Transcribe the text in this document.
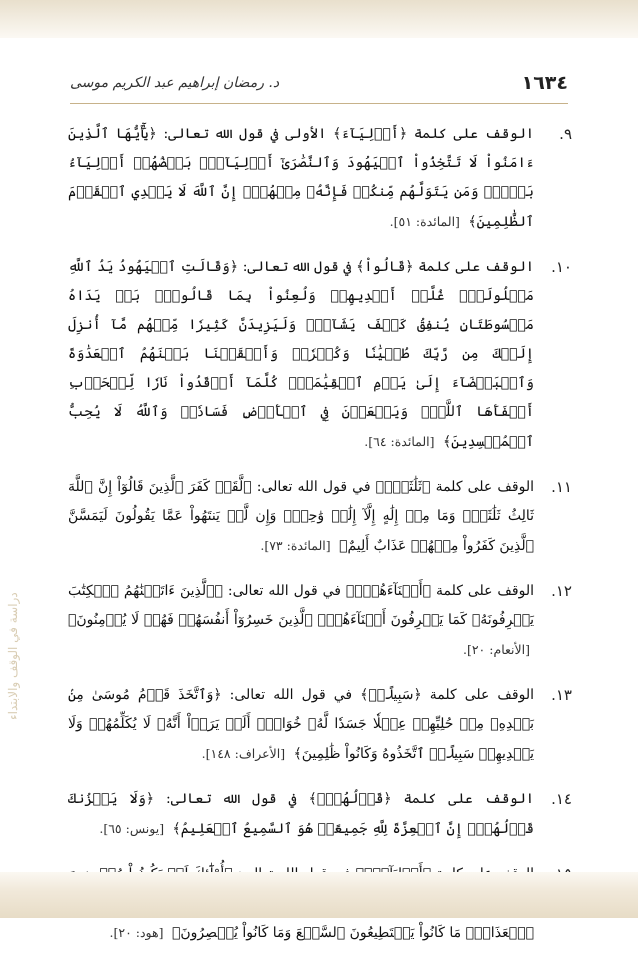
١٦٣٤
د. رمضان إبراهيم عبد الكريم موسى
دراسة في الوقف والابتداء
٩.
الوقف على كلمة ﴿أَوۡلِيَآءَ﴾ الأولى في قول الله تعالى: ﴿يَٰٓأَيُّهَا ٱلَّذِينَ ءَامَنُواْ لَا تَتَّخِذُواْ ٱلۡيَهُودَ وَٱلنَّصَٰرَىٰٓ أَوۡلِيَآءَۘ بَعۡضُهُمۡ أَوۡلِيَآءُ بَعۡضٖۚ وَمَن يَتَوَلَّهُم مِّنكُمۡ فَإِنَّهُۥ مِنۡهُمۡۗ إِنَّ ٱللَّهَ لَا يَهۡدِي ٱلۡقَوۡمَ ٱلظَّٰلِمِينَ﴾ [المائدة: ٥١].
١٠.
الوقف على كلمة ﴿قَالُواْ﴾ في قول الله تعالى: ﴿وَقَالَتِ ٱلۡيَهُودُ يَدُ ٱللَّهِ مَغۡلُولَةٌۚ غُلَّتۡ أَيۡدِيهِمۡ وَلُعِنُواْ بِمَا قَالُواْۘ بَلۡ يَدَاهُ مَبۡسُوطَتَانِ يُنفِقُ كَيۡفَ يَشَآءُۚ وَلَيَزِيدَنَّ كَثِيرٗا مِّنۡهُم مَّآ أُنزِلَ إِلَيۡكَ مِن رَّبِّكَ طُغۡيَٰنٗا وَكُفۡرٗاۚ وَأَلۡقَيۡنَا بَيۡنَهُمُ ٱلۡعَدَٰوَةَ وَٱلۡبَغۡضَآءَ إِلَىٰ يَوۡمِ ٱلۡقِيَٰمَةِۚ كُلَّمَآ أَوۡقَدُواْ نَارٗا لِّلۡحَرۡبِ أَطۡفَأَهَا ٱللَّهُۚ وَيَسۡعَوۡنَ فِي ٱلۡأَرۡضِ فَسَادٗاۚ وَٱللَّهُ لَا يُحِبُّ ٱلۡمُفۡسِدِينَ﴾ [المائدة: ٦٤].
١١.
الوقف على كلمة ﴿ثَلَٰثَةٖۘ﴾ في قول الله تعالى: ﴿لَّقَدۡ كَفَرَ ٱلَّذِينَ قَالُوٓاْ إِنَّ ٱللَّهَ ثَالِثُ ثَلَٰثَةٖۘ وَمَا مِنۡ إِلَٰهٍ إِلَّآ إِلَٰهٞ وَٰحِدٞۚ وَإِن لَّمۡ يَنتَهُواْ عَمَّا يَقُولُونَ لَيَمَسَّنَّ ٱلَّذِينَ كَفَرُواْ مِنۡهُمۡ عَذَابٌ أَلِيمٌ﴾ [المائدة: ٧٣].
١٢.
الوقف على كلمة ﴿أَبۡنَآءَهُمُۘ﴾ في قول الله تعالى: ﴿ٱلَّذِينَ ءَاتَيۡنَٰهُمُ ٱلۡكِتَٰبَ يَعۡرِفُونَهُۥ كَمَا يَعۡرِفُونَ أَبۡنَآءَهُمُۘ ٱلَّذِينَ خَسِرُوٓاْ أَنفُسَهُمۡ فَهُمۡ لَا يُؤۡمِنُونَ﴾ [الأنعام: ٢٠].
١٣.
الوقف على كلمة ﴿سَبِيلًاۘ﴾ في قول الله تعالى: ﴿وَٱتَّخَذَ قَوۡمُ مُوسَىٰ مِنۢ بَعۡدِهِۦ مِنۡ حُلِيِّهِمۡ عِجۡلٗا جَسَدٗا لَّهُۥ خُوَارٌۚ أَلَمۡ يَرَوۡاْ أَنَّهُۥ لَا يُكَلِّمُهُمۡ وَلَا يَهۡدِيهِمۡ سَبِيلًاۘ ٱتَّخَذُوهُ وَكَانُواْ ظَٰلِمِينَ﴾ [الأعراف: ١٤٨].
١٤.
الوقف على كلمة ﴿قَوۡلُهُمۡۘ﴾ في قول الله تعالى: ﴿وَلَا يَحۡزُنكَ قَوۡلُهُمۡۘ إِنَّ ٱلۡعِزَّةَ لِلَّهِ جَمِيعًاۚ هُوَ ٱلسَّمِيعُ ٱلۡعَلِيمُ﴾ [يونس: ٦٥].
ٱلۡعَذَابُۚ مَا كَانُواْ يَسۡتَطِيعُونَ ٱلسَّمۡعَ وَمَا كَانُواْ يُبۡصِرُونَ﴾ [هود: ٢٠].
